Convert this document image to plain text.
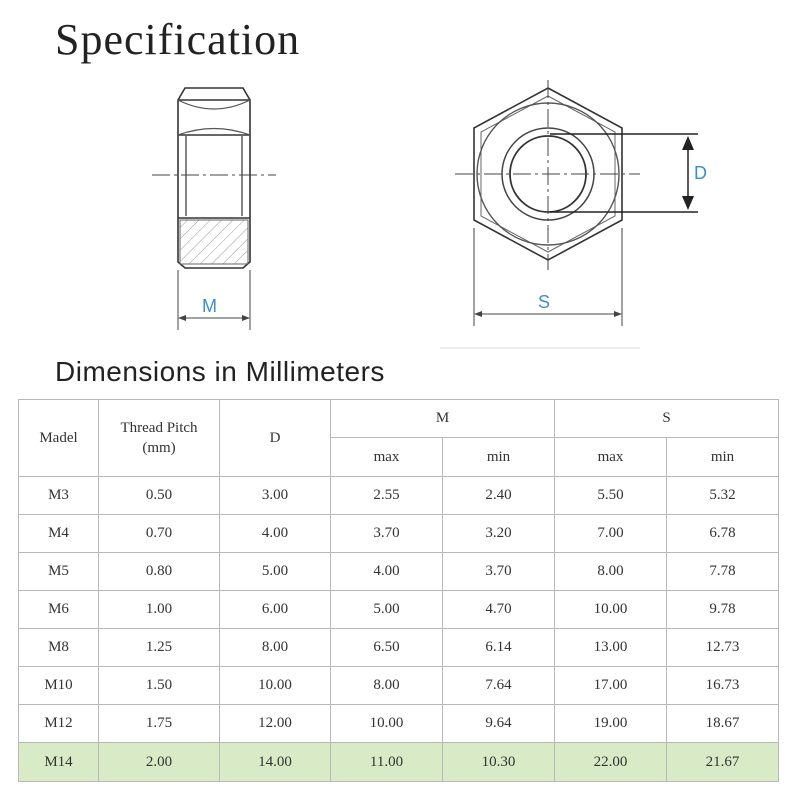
Specification
M
D
S
Dimensions in Millimeters
Madel	Thread Pitch (mm)	D	M		S	
			max	min	max	min
M3	0.50	3.00	2.55	2.40	5.50	5.32
M4	0.70	4.00	3.70	3.20	7.00	6.78
M5	0.80	5.00	4.00	3.70	8.00	7.78
M6	1.00	6.00	5.00	4.70	10.00	9.78
M8	1.25	8.00	6.50	6.14	13.00	12.73
M10	1.50	10.00	8.00	7.64	17.00	16.73
M12	1.75	12.00	10.00	9.64	19.00	18.67
M14	2.00	14.00	11.00	10.30	22.00	21.67
